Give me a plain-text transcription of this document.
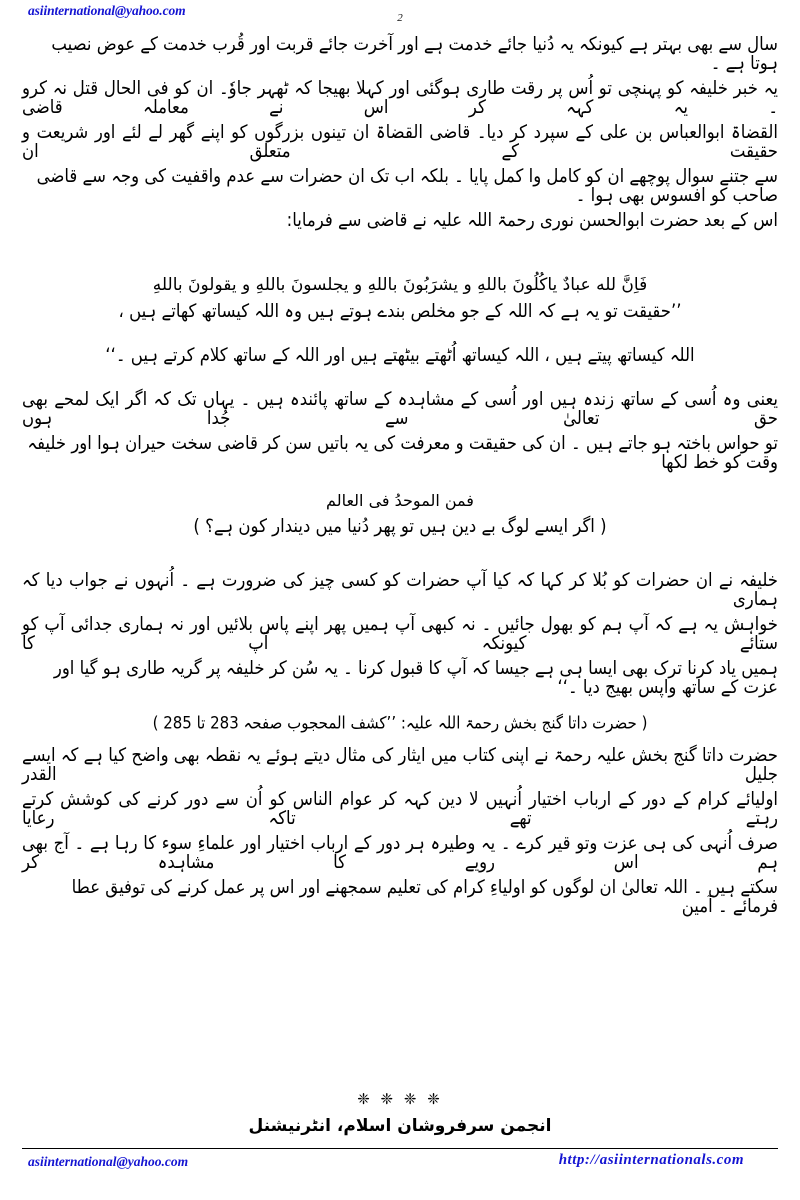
asiinternational@yahoo.com	2
سال سے بھی بہتر ہے کیونکہ یہ دُنیا جائے خدمت ہے اور آخرت جائے قربت اور قُرب خدمت کے عوض نصیب ہوتا ہے ۔
یہ خبر خلیفہ کو پہنچی تو اُس پر رقت طاری ہوگئی اور کہلا بھیجا کہ ٹھہر جاوٗ۔ ان کو فی الحال قتل نہ کرو ۔ یہ کہہ کر اس نے معاملہ قاضی
القضاۃ ابوالعباس بن علی کے سپرد کر دیا۔ قاضی القضاۃ ان تینوں بزرگوں کو اپنے گھر لے لئے اور شریعت و حقیقت کے متعلق ان
سے جتنے سوال پوچھے ان کو کامل وا کمل پایا ۔ بلکہ اب تک ان حضرات سے عدم واقفیت کی وجہ سے قاضی صاحب کو افسوس بھی ہوا ۔
اس کے بعد حضرت ابوالحسن نوری رحمۃ اللہ علیہ نے قاضی سے فرمایا:
فَاِنَّ لله عبادٌ یاکُلُونَ باللهِ و یشرَبُونَ باللهِ و یجلسونَ باللهِ و یقولونَ باللهِ
’’حقیقت تو یہ ہے کہ اللہ کے جو مخلص بندے ہوتے ہیں وہ اللہ کیساتھ کھاتے ہیں ،
اللہ کیساتھ پیتے ہیں ، اللہ کیساتھ اُٹھتے بیٹھتے ہیں اور اللہ کے ساتھ کلام کرتے ہیں ۔‘‘
یعنی وہ اُسی کے ساتھ زندہ ہیں اور اُسی کے مشاہدہ کے ساتھ پائندہ ہیں ۔ یہاں تک کہ اگر ایک لمحے بھی حق تعالیٰ سے جُدا ہوں
تو حواس باختہ ہو جاتے ہیں ۔ ان کی حقیقت و معرفت کی یہ باتیں سن کر قاضی سخت حیران ہوا اور خلیفہ وقت کو خط لکھا
فمن الموحدُ فی العالم
( اگر ایسے لوگ بے دین ہیں تو پھر دُنیا میں دیندار کون ہے؟ )
خلیفہ نے ان حضرات کو بُلا کر کہا کہ کیا آپ حضرات کو کسی چیز کی ضرورت ہے ۔ اُنہوں نے جواب دیا کہ ہماری
خواہش یہ ہے کہ آپ ہم کو بھول جائیں ۔ نہ کبھی آپ ہمیں پھر اپنے پاس بلائیں اور نہ ہماری جدائی آپ کو ستائے کیونکہ آپ کا
ہمیں یاد کرنا ترک بھی ایسا ہی ہے جیسا کہ آپ کا قبول کرنا ۔ یہ سُن کر خلیفہ پر گریہ طاری ہو گیا اور عزت کے ساتھ واپس بھیج دیا ۔‘‘
( حضرت داتا گنج بخش رحمۃ اللہ علیہ: ’’کشف المحجوب صفحہ 283 تا 285 )
حضرت داتا گنج بخش علیہ رحمۃ نے اپنی کتاب میں ایثار کی مثال دیتے ہوئے یہ نقطہ بھی واضح کیا ہے کہ ایسے جلیل القدر
اولیائے کرام کے دور کے ارباب اختیار اُنہیں لا دین کہہ کر عوام الناس کو اُن سے دور کرنے کی کوشش کرتے رہتے تھے تاکہ رعایا
صرف اُنہی کی ہی عزت وتو قیر کرے ۔ یہ وطیرہ ہر دور کے ارباب اختیار اور علماءِ سوء کا رہا ہے ۔ آج بھی ہم اس رویے کا مشاہدہ کر
سکتے ہیں ۔ اللہ تعالیٰ ان لوگوں کو اولیاءِ کرام کی تعلیم سمجھنے اور اس پر عمل کرنے کی توفیق عطا فرمائے ۔ آمین
❈ ❈ ❈ ❈
انجمن سرفروشان اسلام، انٹرنیشنل
asiinternational@yahoo.com	http://asiinternationals.com
